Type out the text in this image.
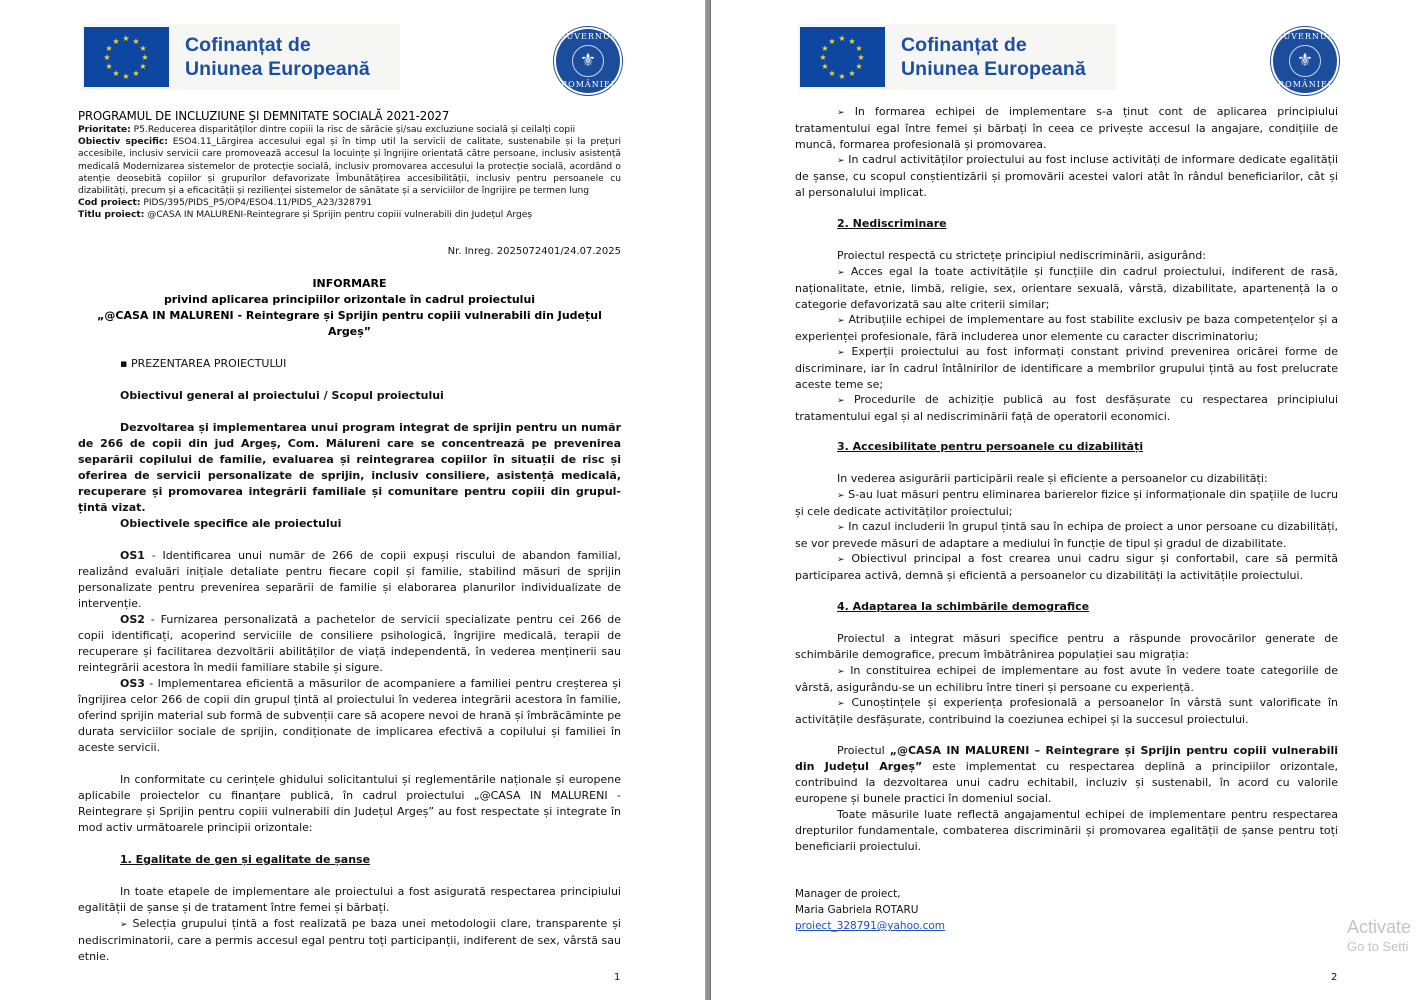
★ ★
★
★
★
★
★
★
★
★
★
★	Cofinanțat de
Uniunea Europeană
GUVERNUL
⚜
ROMÂNIEI
PROGRAMUL DE INCLUZIUNE ȘI DEMNITATE SOCIALĂ 2021-2027

Prioritate: P5.Reducerea disparităților dintre copiii la risc de sărăcie și/sau excluziune socială și ceilalți copii

Obiectiv specific: ESO4.11_Lărgirea accesului egal și în timp util la servicii de calitate, sustenabile și la prețuri accesibile, inclusiv servicii care promovează accesul la locuințe și îngrijire orientată către persoane, inclusiv asistență medicală Modernizarea sistemelor de protecție socială, inclusiv promovarea accesului la protecție socială, acordând o atenție deosebită copiilor și grupurilor defavorizate Îmbunătățirea accesibilității, inclusiv pentru persoanele cu dizabilități, precum și a eficacității și rezilienței sistemelor de sănătate și a serviciilor de îngrijire pe termen lung

Cod proiect: PIDS/395/PIDS_P5/OP4/ESO4.11/PIDS_A23/328791

Titlu proiect: @CASA IN MALURENI-Reintegrare și Sprijin pentru copiii vulnerabili din Județul Argeș

Nr. Inreg. 2025072401/24.07.2025
INFORMARE
privind aplicarea principiilor orizontale în cadrul proiectului
„@CASA IN MALURENI - Reintegrare și Sprijin pentru copiii vulnerabili din Județul Argeș”
▪ PREZENTAREA PROIECTULUI
Obiectivul general al proiectului / Scopul proiectului
Dezvoltarea și implementarea unui program integrat de sprijin pentru un număr de 266 de copii din jud Argeș, Com. Mălureni care se concentrează pe prevenirea separării copilului de familie, evaluarea și reintegrarea copiilor în situații de risc și oferirea de servicii personalizate de sprijin, inclusiv consiliere, asistență medicală, recuperare și promovarea integrării familiale și comunitare pentru copiii din grupul-țintă vizat.
Obiectivele specifice ale proiectului
OS1 - Identificarea unui număr de 266 de copii expuși riscului de abandon familial, realizând evaluări inițiale detaliate pentru fiecare copil și familie, stabilind măsuri de sprijin personalizate pentru prevenirea separării de familie și elaborarea planurilor individualizate de intervenție.
OS2 - Furnizarea personalizată a pachetelor de servicii specializate pentru cei 266 de copii identificați, acoperind serviciile de consiliere psihologică, îngrijire medicală, terapii de recuperare și facilitarea dezvoltării abilităților de viață independentă, în vederea menținerii sau reintegrării acestora în medii familiare stabile și sigure.
OS3 - Implementarea eficientă a măsurilor de acompaniere a familiei pentru creșterea și îngrijirea celor 266 de copii din grupul țintă al proiectului în vederea integrării acestora în familie, oferind sprijin material sub formă de subvenții care să acopere nevoi de hrană și îmbrăcăminte pe durata serviciilor sociale de sprijin, condiționate de implicarea efectivă a copilului și familiei în aceste servicii.
In conformitate cu cerințele ghidului solicitantului și reglementările naționale și europene aplicabile proiectelor cu finanțare publică, în cadrul proiectului „@CASA IN MALURENI - Reintegrare și Sprijin pentru copiii vulnerabili din Județul Argeș” au fost respectate și integrate în mod activ următoarele principii orizontale:
1. Egalitate de gen și egalitate de șanse
In toate etapele de implementare ale proiectului a fost asigurată respectarea principiului egalității de șanse și de tratament între femei și bărbați.
➢ Selecția grupului țintă a fost realizată pe baza unei metodologii clare, transparente și nediscriminatorii, care a permis accesul egal pentru toți participanții, indiferent de sex, vârstă sau etnie.
1
★ ★
★
★
★
★
★
★
★
★
★
★	Cofinanțat de
Uniunea Europeană
GUVERNUL
⚜
ROMÂNIEI
➢ In formarea echipei de implementare s-a ținut cont de aplicarea principiului tratamentului egal între femei și bărbați în ceea ce privește accesul la angajare, condițiile de muncă, formarea profesională și promovarea.
➢ In cadrul activităților proiectului au fost incluse activități de informare dedicate egalității de șanse, cu scopul conștientizării și promovării acestei valori atât în rândul beneficiarilor, cât și al personalului implicat.
2. Nediscriminare
Proiectul respectă cu strictețe principiul nediscriminării, asigurând:
➢ Acces egal la toate activitățile și funcțiile din cadrul proiectului, indiferent de rasă, naționalitate, etnie, limbă, religie, sex, orientare sexuală, vârstă, dizabilitate, apartenență la o categorie defavorizată sau alte criterii similar;
➢ Atribuțiile echipei de implementare au fost stabilite exclusiv pe baza competențelor și a experienței profesionale, fără includerea unor elemente cu caracter discriminatoriu;
➢ Experții proiectului au fost informați constant privind prevenirea oricărei forme de discriminare, iar în cadrul întâlnirilor de identificare a membrilor grupului țintă au fost prelucrate aceste teme se;
➢ Procedurile de achiziție publică au fost desfășurate cu respectarea principiului tratamentului egal și al nediscriminării față de operatorii economici.
3. Accesibilitate pentru persoanele cu dizabilități
In vederea asigurării participării reale și eficiente a persoanelor cu dizabilități:
➢ S-au luat măsuri pentru eliminarea barierelor fizice și informaționale din spațiile de lucru și cele dedicate activităților proiectului;
➢ In cazul includerii în grupul țintă sau în echipa de proiect a unor persoane cu dizabilități, se vor prevede măsuri de adaptare a mediului în funcție de tipul și gradul de dizabilitate.
➢ Obiectivul principal a fost crearea unui cadru sigur și confortabil, care să permită participarea activă, demnă și eficientă a persoanelor cu dizabilități la activitățile proiectului.
4. Adaptarea la schimbările demografice
Proiectul a integrat măsuri specifice pentru a răspunde provocărilor generate de schimbările demografice, precum îmbătrânirea populației sau migrația:
➢ In constituirea echipei de implementare au fost avute în vedere toate categoriile de vârstă, asigurându-se un echilibru între tineri și persoane cu experiență.
➢ Cunoștințele și experiența profesională a persoanelor în vârstă sunt valorificate în activitățile desfășurate, contribuind la coeziunea echipei și la succesul proiectului.
Proiectul „@CASA IN MALURENI – Reintegrare și Sprijin pentru copiii vulnerabili din Județul Argeș” este implementat cu respectarea deplină a principiilor orizontale, contribuind la dezvoltarea unui cadru echitabil, incluziv și sustenabil, în acord cu valorile europene și bunele practici în domeniul social.
Toate măsurile luate reflectă angajamentul echipei de implementare pentru respectarea drepturilor fundamentale, combaterea discriminării și promovarea egalității de șanse pentru toți beneficiarii proiectului.
Manager de proiect,
Maria Gabriela ROTARU
proiect_328791@yahoo.com
2
Activate
Go to Setti
